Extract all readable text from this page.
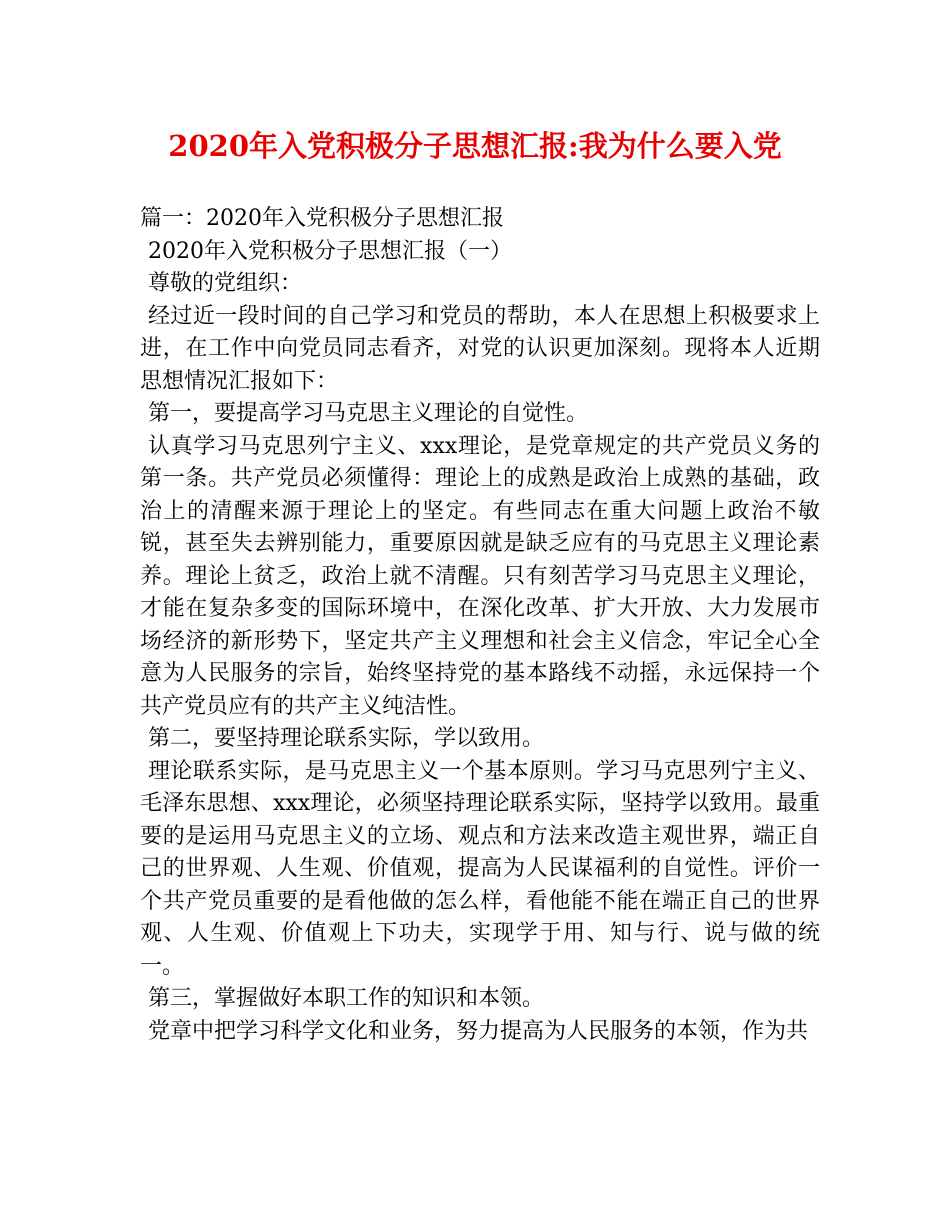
2020年入党积极分子思想汇报:我为什么要入党

篇一：2020年入党积极分子思想汇报

2020年入党积极分子思想汇报（一）

尊敬的党组织：

经过近一段时间的自己学习和党员的帮助，本人在思想上积极要求上进，在工作中向党员同志看齐，对党的认识更加深刻。现将本人近期思想情况汇报如下：

第一，要提高学习马克思主义理论的自觉性。

认真学习马克思列宁主义、xxx理论，是党章规定的共产党员义务的第一条。共产党员必须懂得：理论上的成熟是政治上成熟的基础，政治上的清醒来源于理论上的坚定。有些同志在重大问题上政治不敏锐，甚至失去辨别能力，重要原因就是缺乏应有的马克思主义理论素养。理论上贫乏，政治上就不清醒。只有刻苦学习马克思主义理论，才能在复杂多变的国际环境中，在深化改革、扩大开放、大力发展市场经济的新形势下，坚定共产主义理想和社会主义信念，牢记全心全意为人民服务的宗旨，始终坚持党的基本路线不动摇，永远保持一个共产党员应有的共产主义纯洁性。

第二，要坚持理论联系实际，学以致用。

理论联系实际，是马克思主义一个基本原则。学习马克思列宁主义、毛泽东思想、xxx理论，必须坚持理论联系实际，坚持学以致用。最重要的是运用马克思主义的立场、观点和方法来改造主观世界，端正自己的世界观、人生观、价值观，提高为人民谋福利的自觉性。评价一个共产党员重要的是看他做的怎么样，看他能不能在端正自己的世界观、人生观、价值观上下功夫，实现学于用、知与行、说与做的统一。

第三，掌握做好本职工作的知识和本领。

党章中把学习科学文化和业务，努力提高为人民服务的本领，作为共
